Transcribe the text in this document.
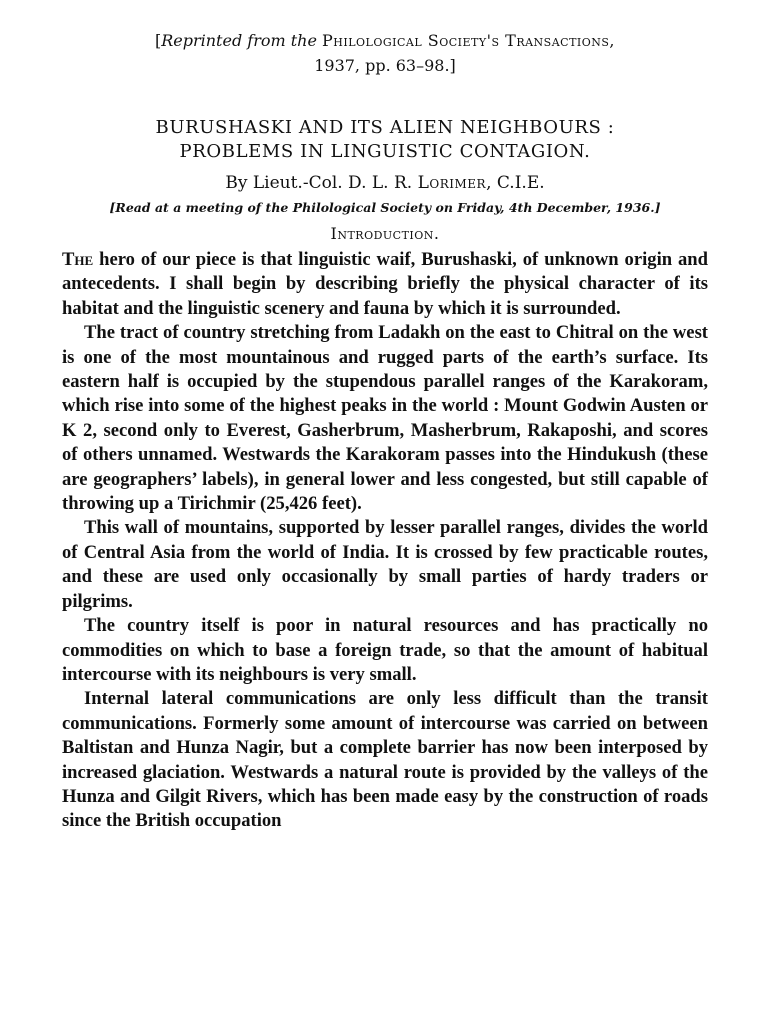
[Reprinted from the Philological Society's Transactions,
1937, pp. 63–98.]
BURUSHASKI AND ITS ALIEN NEIGHBOURS :
PROBLEMS IN LINGUISTIC CONTAGION.
By Lieut.-Col. D. L. R. Lorimer, C.I.E.
[Read at a meeting of the Philological Society on Friday, 4th December, 1936.]
Introduction.

The hero of our piece is that linguistic waif, Burushaski, of unknown origin and antecedents. I shall begin by describing briefly the physical character of its habitat and the linguistic scenery and fauna by which it is surrounded.

The tract of country stretching from Ladakh on the east to Chitral on the west is one of the most mountainous and rugged parts of the earth’s surface. Its eastern half is occupied by the stupendous parallel ranges of the Karakoram, which rise into some of the highest peaks in the world : Mount Godwin Austen or K 2, second only to Everest, Gasherbrum, Masherbrum, Rakaposhi, and scores of others unnamed. Westwards the Karakoram passes into the Hindukush (these are geographers’ labels), in general lower and less congested, but still capable of throwing up a Tirichmir (25,426 feet).

This wall of mountains, supported by lesser parallel ranges, divides the world of Central Asia from the world of India. It is crossed by few practicable routes, and these are used only occasionally by small parties of hardy traders or pilgrims.

The country itself is poor in natural resources and has practically no commodities on which to base a foreign trade, so that the amount of habitual intercourse with its neighbours is very small.

Internal lateral communications are only less difficult than the transit communications. Formerly some amount of intercourse was carried on between Baltistan and Hunza Nagir, but a complete barrier has now been interposed by increased glaciation. Westwards a natural route is provided by the valleys of the Hunza and Gilgit Rivers, which has been made easy by the construction of roads since the British occupation
